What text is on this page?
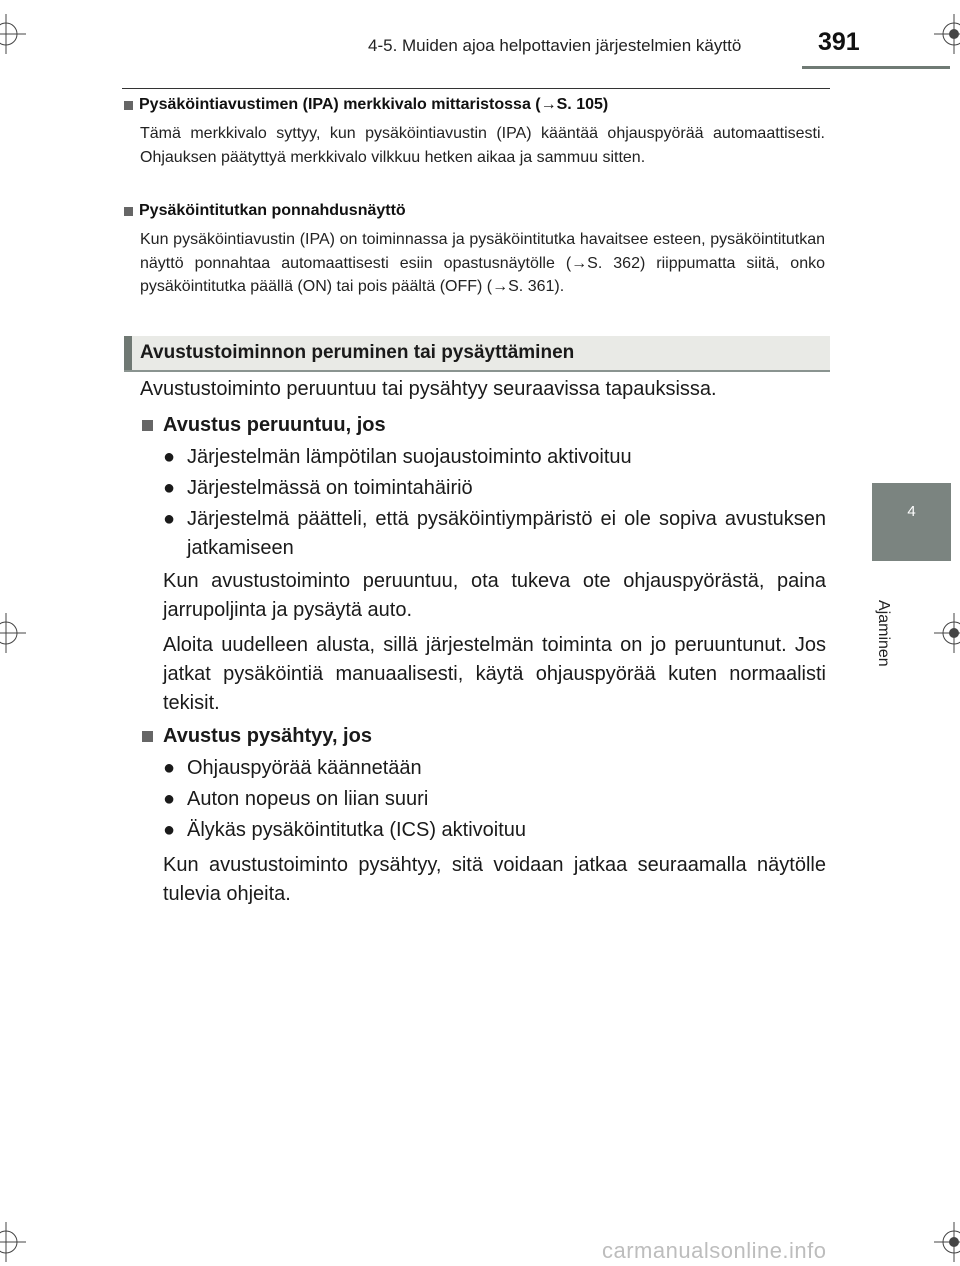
4-5. Muiden ajoa helpottavien järjestelmien käyttö	391
4
Ajaminen
Pysäköintiavustimen (IPA) merkkivalo mittaristossa (→S. 105)

Tämä merkkivalo syttyy, kun pysäköintiavustin (IPA) kääntää ohjauspyörää automaattisesti. Ohjauksen päätyttyä merkkivalo vilkkuu hetken aikaa ja sammuu sitten.

Pysäköintitutkan ponnahdusnäyttö

Kun pysäköintiavustin (IPA) on toiminnassa ja pysäköintitutka havaitsee esteen, pysäköintitutkan näyttö ponnahtaa automaattisesti esiin opastusnäytölle (→S. 362) riippumatta siitä, onko pysäköintitutka päällä (ON) tai pois päältä (OFF) (→S. 361).

Avustustoiminnon peruminen tai pysäyttäminen
Avustustoiminto peruuntuu tai pysähtyy seuraavissa tapauksissa.
Avustus peruuntuu, jos
● Järjestelmän lämpötilan suojaustoiminto aktivoituu
● Järjestelmässä on toimintahäiriö
● Järjestelmä päätteli, että pysäköintiympäristö ei ole sopiva avustuksen jatkamiseen

Kun avustustoiminto peruuntuu, ota tukeva ote ohjauspyörästä, paina jarrupoljinta ja pysäytä auto.

Aloita uudelleen alusta, sillä järjestelmän toiminta on jo peruuntunut. Jos jatkat pysäköintiä manuaalisesti, käytä ohjauspyörää kuten normaalisti tekisit.

Avustus pysähtyy, jos
● Ohjauspyörää käännetään
● Auton nopeus on liian suuri
● Älykäs pysäköintitutka (ICS) aktivoituu

Kun avustustoiminto pysähtyy, sitä voidaan jatkaa seuraamalla näytölle tulevia ohjeita.

carmanualsonline.info
